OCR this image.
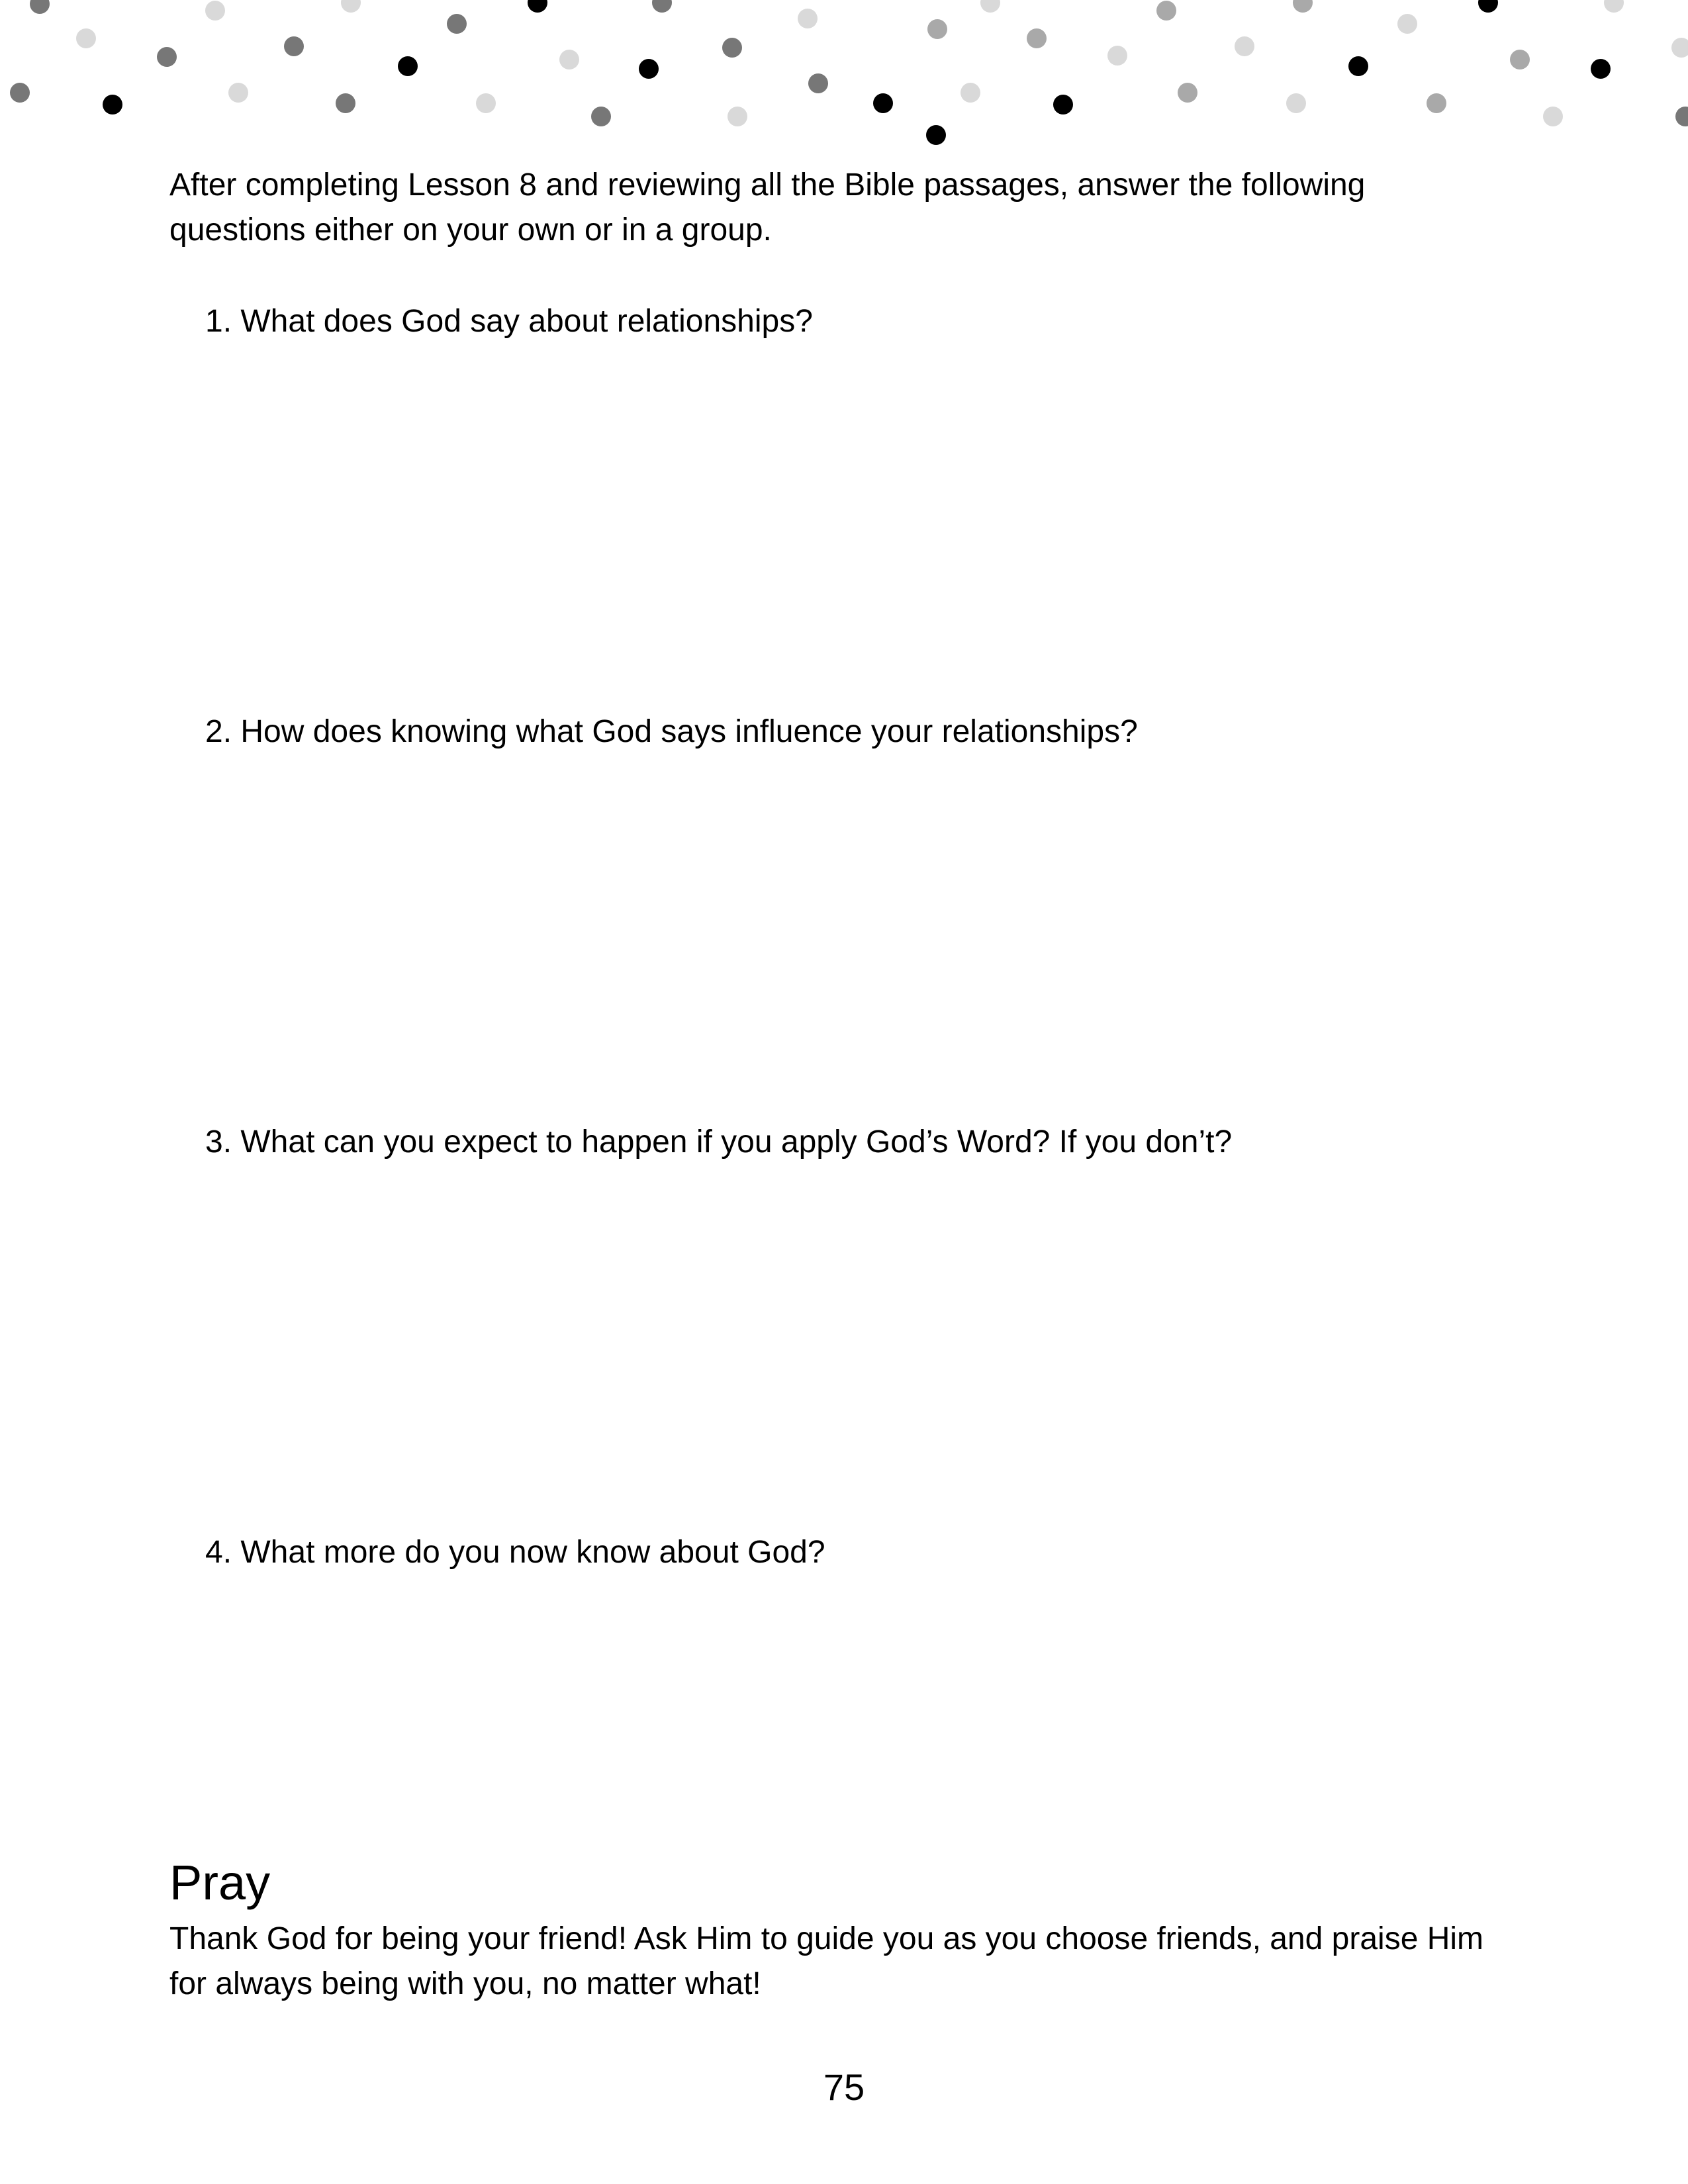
After completing Lesson 8 and reviewing all the Bible passages, answer the following questions either on your own or in a group.

1. What does God say about relationships?

2. How does knowing what God says influence your relationships?

3. What can you expect to happen if you apply God’s Word? If you don’t?

4. What more do you now know about God?

Pray

Thank God for being your friend! Ask Him to guide you as you choose friends, and praise Him for always being with you, no matter what!

75
